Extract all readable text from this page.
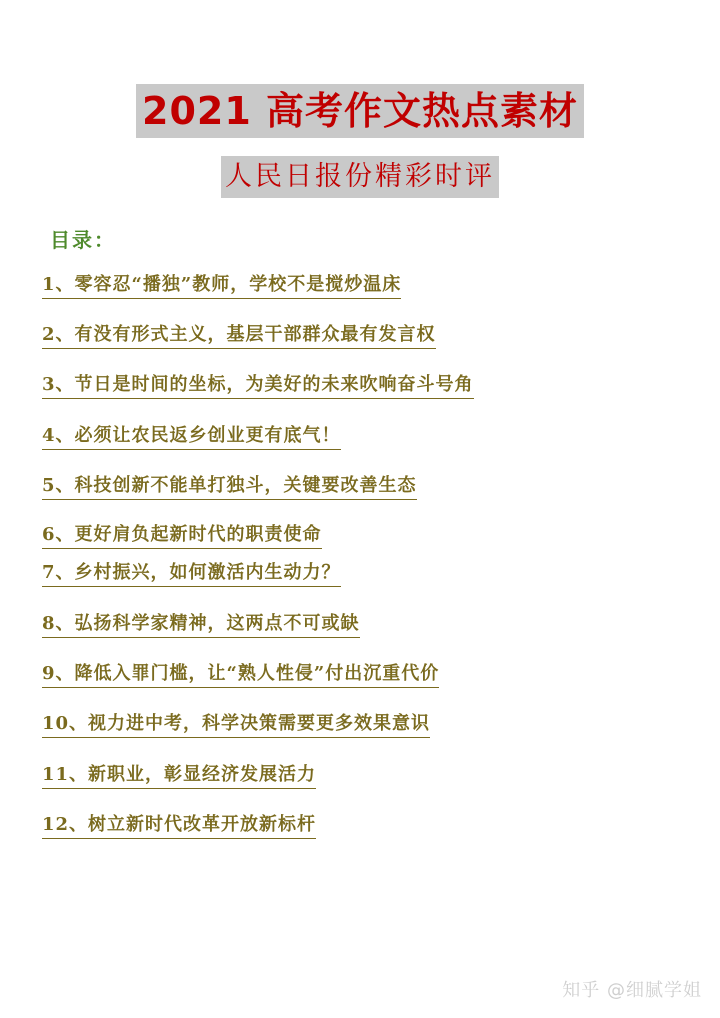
2021 高考作文热点素材
人民日报份精彩时评
目录：
1、零容忍“播独”教师，学校不是搅炒温床
2、有没有形式主义，基层干部群众最有发言权
3、节日是时间的坐标，为美好的未来吹响奋斗号角
4、必须让农民返乡创业更有底气！
5、科技创新不能单打独斗，关键要改善生态
6、更好肩负起新时代的职责使命
7、乡村振兴，如何激活内生动力？
8、弘扬科学家精神，这两点不可或缺
9、降低入罪门槛，让“熟人性侵”付出沉重代价
10、视力进中考，科学决策需要更多效果意识
11、新职业，彰显经济发展活力
12、树立新时代改革开放新标杆
知乎 @细腻学姐
